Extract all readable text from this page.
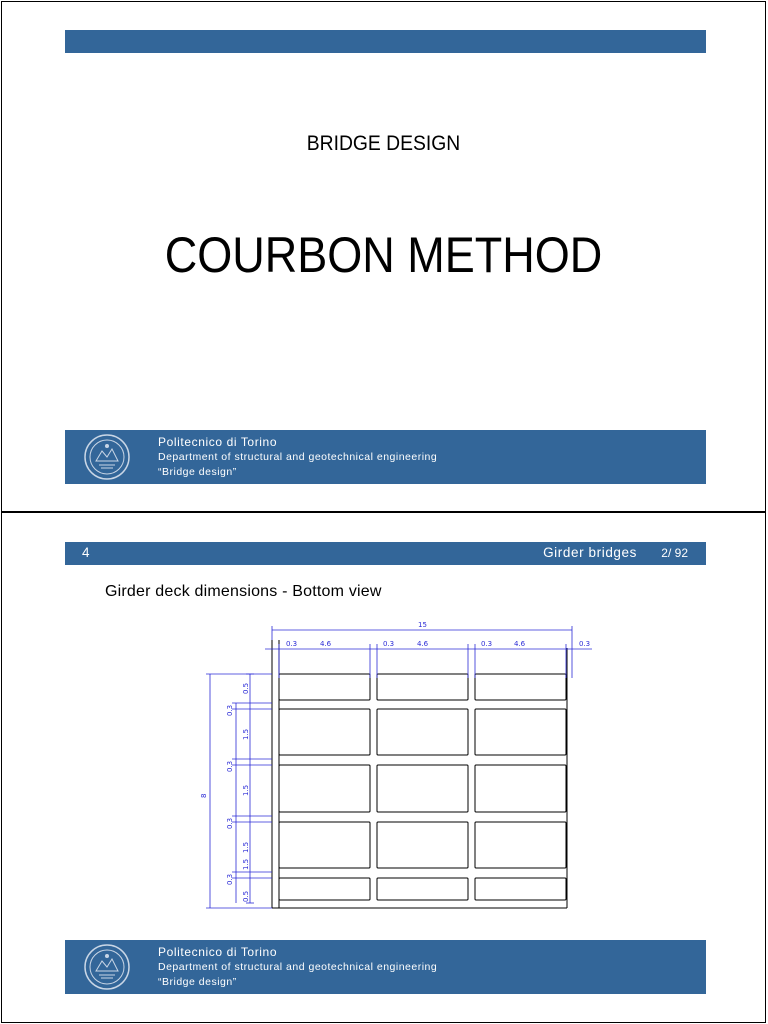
BRIDGE DESIGN
COURBON METHOD
Politecnico di Torino
Department of structural and geotechnical engineering
“Bridge design”
4	Girder bridges 2/ 92
Girder deck dimensions - Bottom view
15
0.3	4.6	0.3	4.6	0.3	4.6	0.3
8
0.3
0.3
0.3
0.3
0.5
1.5
1.5
1.5
1.5
0.5
Politecnico di Torino
Department of structural and geotechnical engineering
“Bridge design”
